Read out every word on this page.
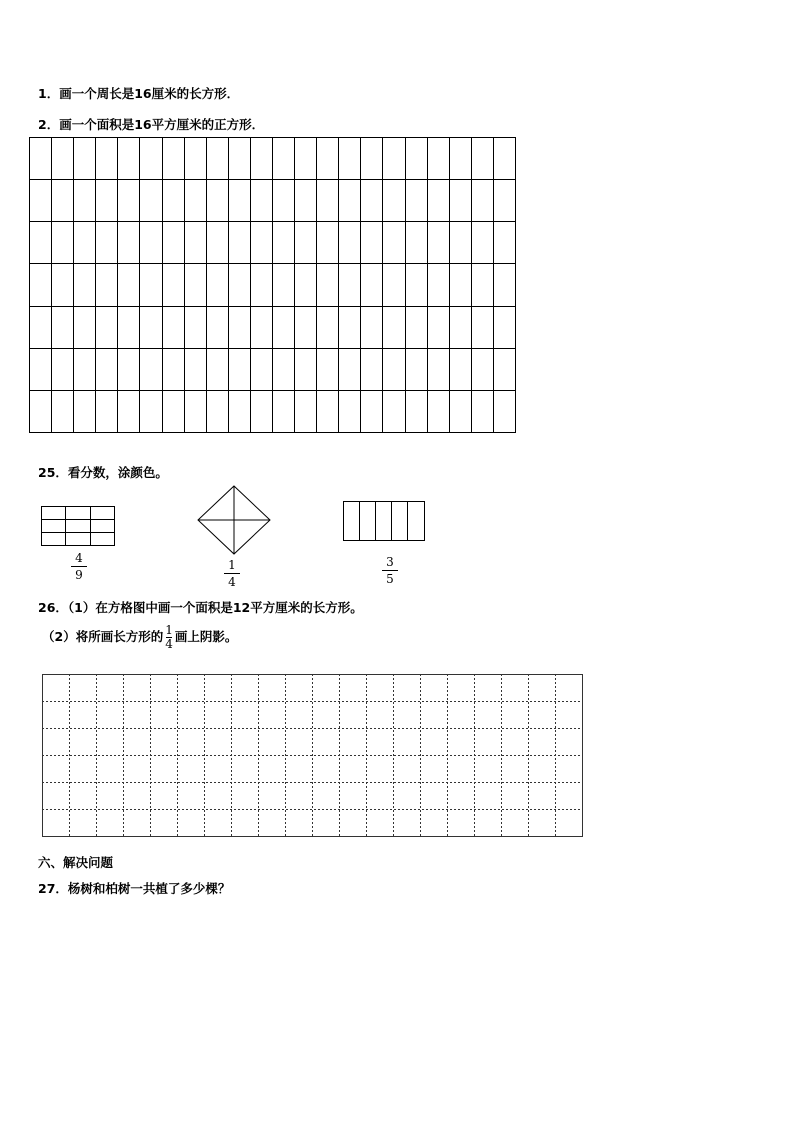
1．画一个周长是16厘米的长方形．
2．画一个面积是16平方厘米的正方形．
25．看分数，涂颜色。
4
9
1
4
3
5
26．（1）在方格图中画一个面积是12平方厘米的长方形。
（2）将所画长方形的 $\frac{1}{4}$ 画上阴影。
六、解决问题
27．杨树和柏树一共植了多少棵？
